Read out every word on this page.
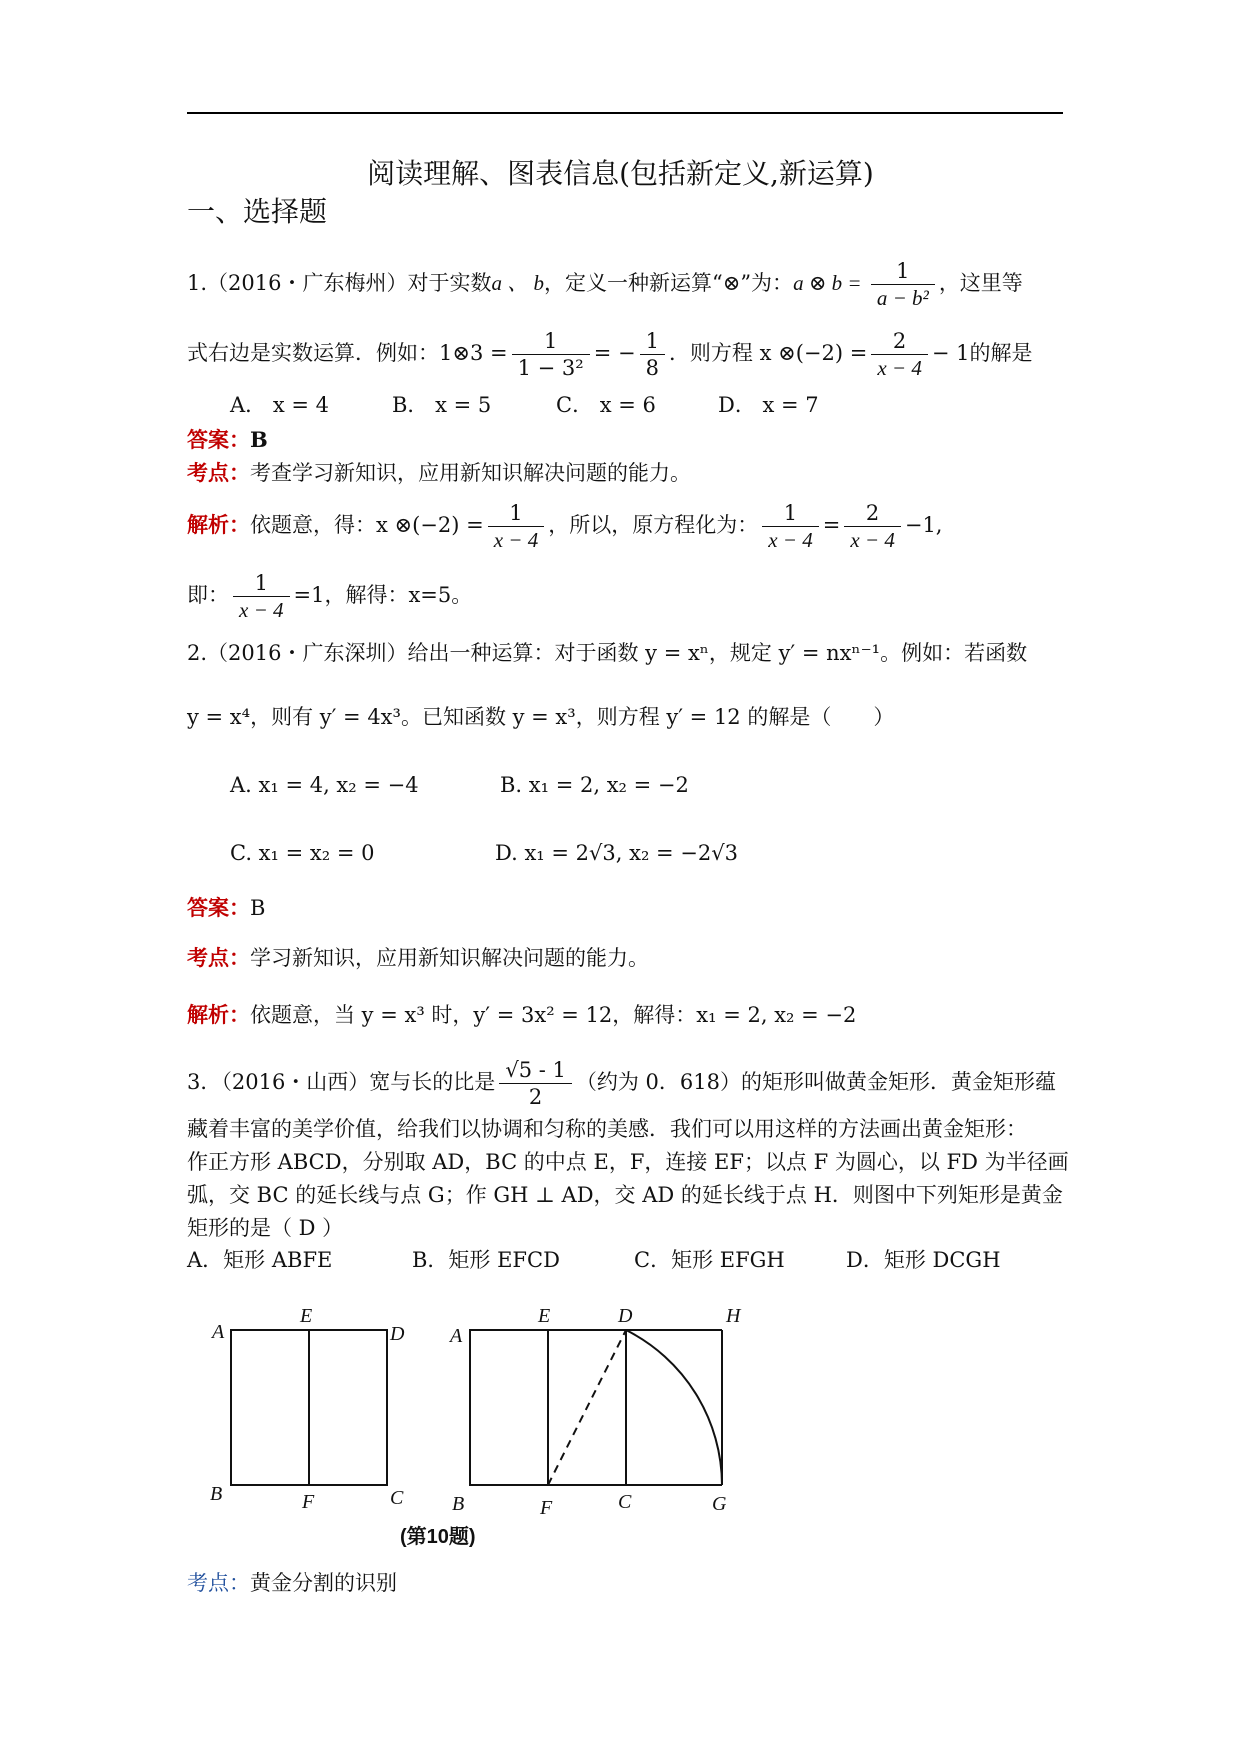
阅读理解、图表信息(包括新定义,新运算)
一、选择题
1.（2016・广东梅州）对于实数a 、 b，定义一种新运算“⊗”为：a ⊗ $b = \frac{1}{\text{a − b²}}$ ，这里等
式右边是实数运算．例如：1⊗3 = $\frac{1}{\text{1 − 3²}}$ = − $\frac{1}{8}$ ．则方程 x ⊗(−2) = $\frac{2}{x - 4} - 1$的解是
A． x = 4	B． x = 5	C． x = 6	D． x = 7
答案：B
考点：考查学习新知识，应用新知识解决问题的能力。
解析：依题意，得：x ⊗(−2) = $\frac{1}{x - 4}$ ，所以，原方程化为： $\frac{1}{x - 4} = \frac{2}{x - 4} -1$,
即： $\frac{1}{x - 4} =1$，解得：x=5。
2.（2016・广东深圳）给出一种运算：对于函数 y = xⁿ，规定 y′ = nxⁿ⁻¹。例如：若函数
y = x⁴，则有 y′ = 4x³。已知函数 y = x³，则方程 y′ = 12 的解是（　　）
A. x₁ = 4, x₂ = −4	B. x₁ = 2, x₂ = −2
C. x₁ = x₂ = 0	D. x₁ = 2√3, x₂ = −2√3
答案：B
考点：学习新知识，应用新知识解决问题的能力。
解析：依题意，当 y = x³ 时，y′ = 3x² = 12，解得：x₁ = 2, x₂ = −2
3．（2016・山西）宽与长的比是 $\frac{√5 - 1}{2}$ （约为 0．618）的矩形叫做黄金矩形．黄金矩形蕴
藏着丰富的美学价值，给我们以协调和匀称的美感．我们可以用这样的方法画出黄金矩形：
作正方形 ABCD，分别取 AD，BC 的中点 E，F，连接 EF；以点 F 为圆心，以 FD 为半径画
弧，交 BC 的延长线与点 G；作 GH ⊥ AD，交 AD 的延长线于点 H．则图中下列矩形是黄金
矩形的是（ D ）
A．矩形 ABFE	B．矩形 EFCD	C．矩形 EFGH	D．矩形 DCGH
A
E
D
B	F	C
A
E	D	H
B	F	C	G
(第10题)
考点：黄金分割的识别
